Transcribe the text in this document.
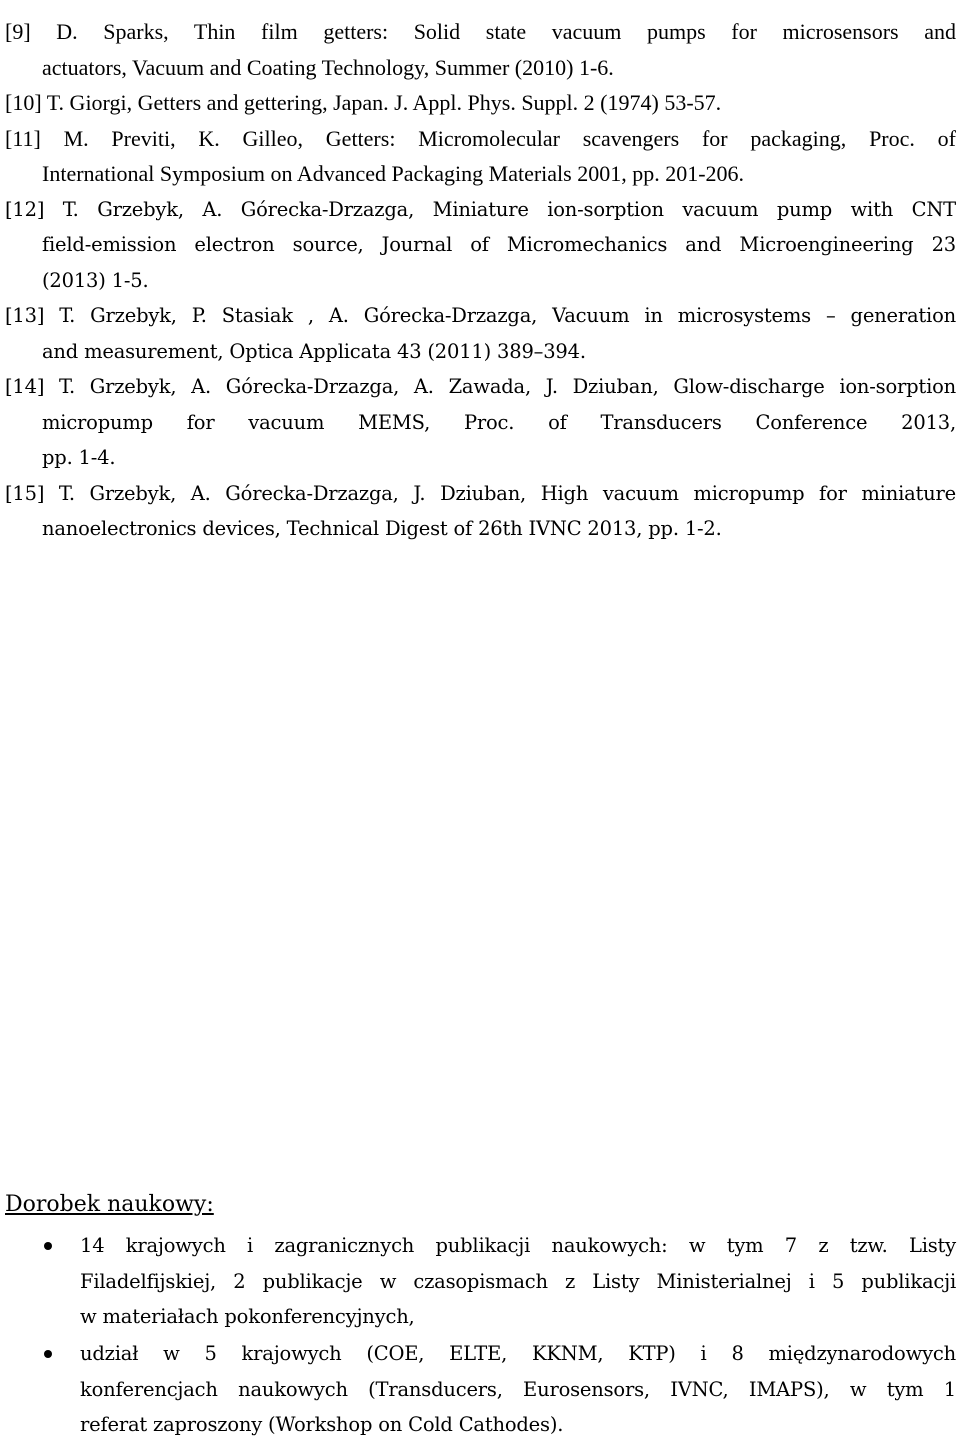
[9] D. Sparks, Thin film getters: Solid state vacuum pumps for microsensors and
actuators, Vacuum and Coating Technology, Summer (2010) 1-6.
[10] T. Giorgi, Getters and gettering, Japan. J. Appl. Phys. Suppl. 2 (1974) 53-57.
[11] M. Previti, K. Gilleo, Getters: Micromolecular scavengers for packaging, Proc. of
International Symposium on Advanced Packaging Materials 2001, pp. 201-206.
[12] T. Grzebyk, A. Górecka-Drzazga, Miniature ion-sorption vacuum pump with CNT
field-emission electron source, Journal of Micromechanics and Microengineering 23
(2013) 1-5.
[13] T. Grzebyk, P. Stasiak , A. Górecka-Drzazga, Vacuum in microsystems – generation
and measurement, Optica Applicata 43 (2011) 389–394.
[14] T. Grzebyk, A. Górecka-Drzazga, A. Zawada, J. Dziuban, Glow-discharge ion-sorption
micropump for vacuum MEMS, Proc. of Transducers Conference 2013,
pp. 1-4.
[15] T. Grzebyk, A. Górecka-Drzazga, J. Dziuban, High vacuum micropump for miniature
nanoelectronics devices, Technical Digest of 26th IVNC 2013, pp. 1-2.
Dorobek naukowy:
14 krajowych i zagranicznych publikacji naukowych: w tym 7 z tzw. Listy
Filadelfijskiej, 2 publikacje w czasopismach z Listy Ministerialnej i 5 publikacji
w materiałach pokonferencyjnych,
udział w 5 krajowych (COE, ELTE, KKNM, KTP) i 8 międzynarodowych
konferencjach naukowych (Transducers, Eurosensors, IVNC, IMAPS), w tym 1
referat zaproszony (Workshop on Cold Cathodes).
